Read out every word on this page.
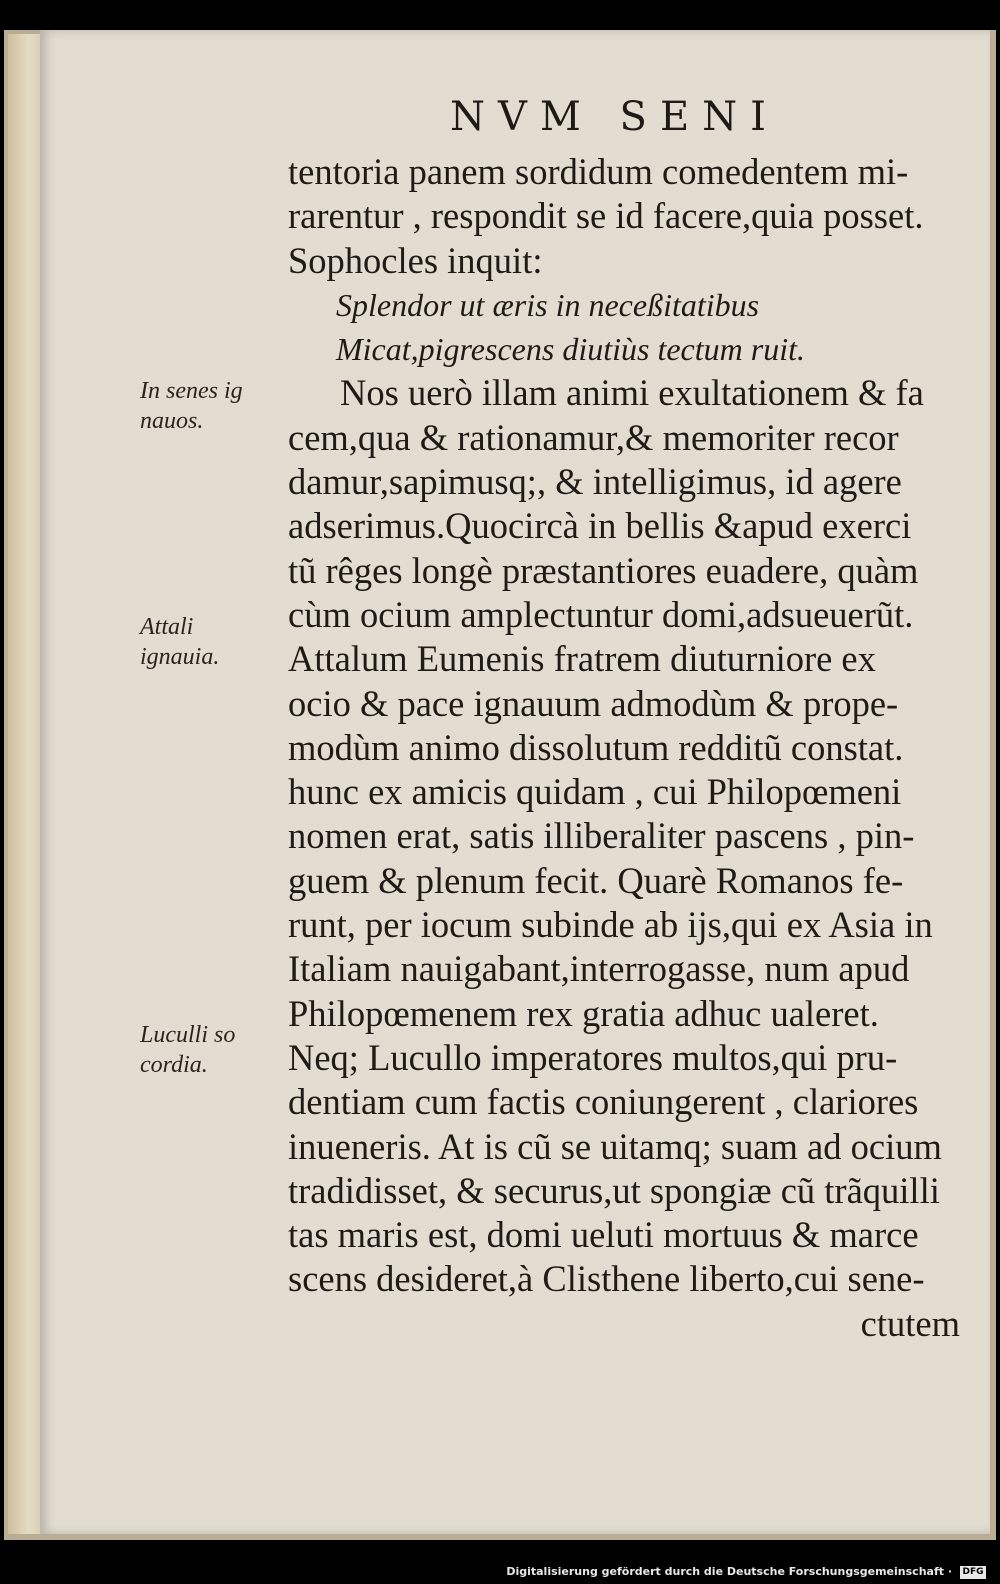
NVM SENI
In senes ig
nauos.
Attali
ignauia.
Luculli so
cordia.
tentoria panem sordidum comedentem mi-
rarentur , respondit se id facere,quia posset.
Sophocles inquit:
Splendor ut æris in neceßitatibus
Micat,pigrescens diutiùs tectum ruit.
Nos uerò illam animi exultationem & fa
cem,qua & rationamur,& memoriter recor
damur,sapimusq;, & intelligimus, id agere
adserimus.Quocircà in bellis &apud exerci
tũ rêges longè præstantiores euadere, quàm
cùm ocium amplectuntur domi,adsueuerũt.
Attalum Eumenis fratrem diuturniore ex
ocio & pace ignauum admodùm & prope-
modùm animo dissolutum redditũ constat.
hunc ex amicis quidam , cui Philopœmeni
nomen erat, satis illiberaliter pascens , pin-
guem & plenum fecit. Quarè Romanos fe-
runt, per iocum subinde ab ijs,qui ex Asia in
Italiam nauigabant,interrogasse, num apud
Philopœmenem rex gratia adhuc ualeret.
Neq; Lucullo imperatores multos,qui pru-
dentiam cum factis coniungerent , clariores
inueneris. At is cũ se uitamq; suam ad ocium
tradidisset, & securus,ut spongiæ cũ trãquilli
tas maris est, domi ueluti mortuus & marce
scens desideret,à Clisthene liberto,cui sene-
ctutem
Digitalisierung gefördert durch die Deutsche Forschungsgemeinschaft · DFG
